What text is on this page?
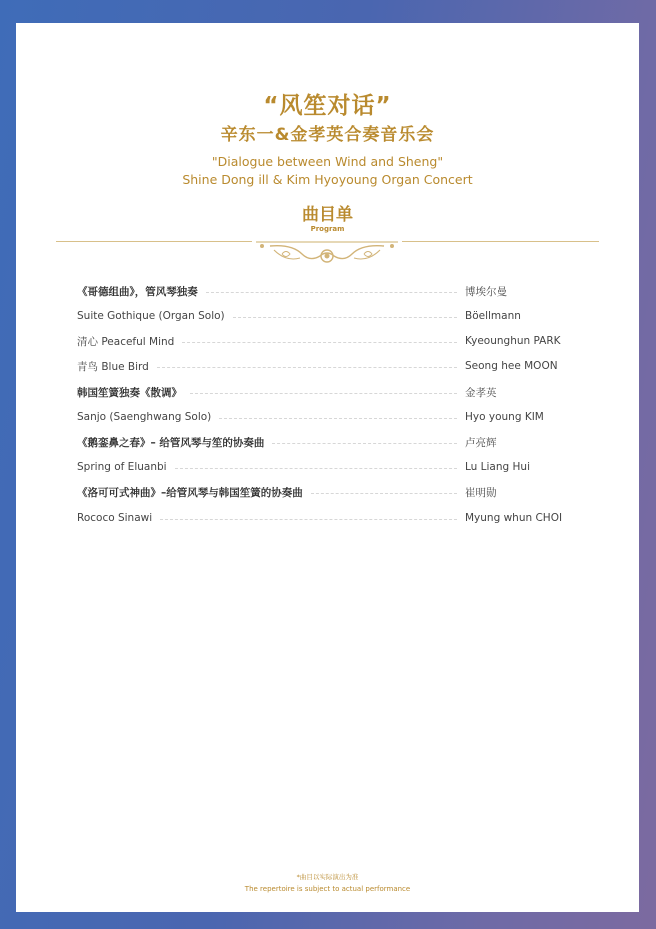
“风笙对话”
辛东一&金孝英合奏音乐会
"Dialogue between Wind and Sheng"
Shine Dong ill & Kim Hyoyoung Organ Concert
曲目单
Program
《哥德组曲》，管风琴独奏	博埃尔曼
Suite Gothique (Organ Solo)	Böellmann
清心 Peaceful Mind	Kyeounghun PARK
青鸟 Blue Bird	Seong hee MOON
韩国笙簧独奏《散调》	金孝英
Sanjo (Saenghwang Solo)	Hyo young KIM
《鹅銮鼻之春》– 给管风琴与笙的协奏曲	卢亮辉
Spring of Eluanbi	Lu Liang Hui
《洛可可式神曲》–给管风琴与韩国笙簧的协奏曲	崔明勋
Rococo Sinawi	Myung whun CHOI
*曲目以实际演出为准
The repertoire is subject to actual performance
